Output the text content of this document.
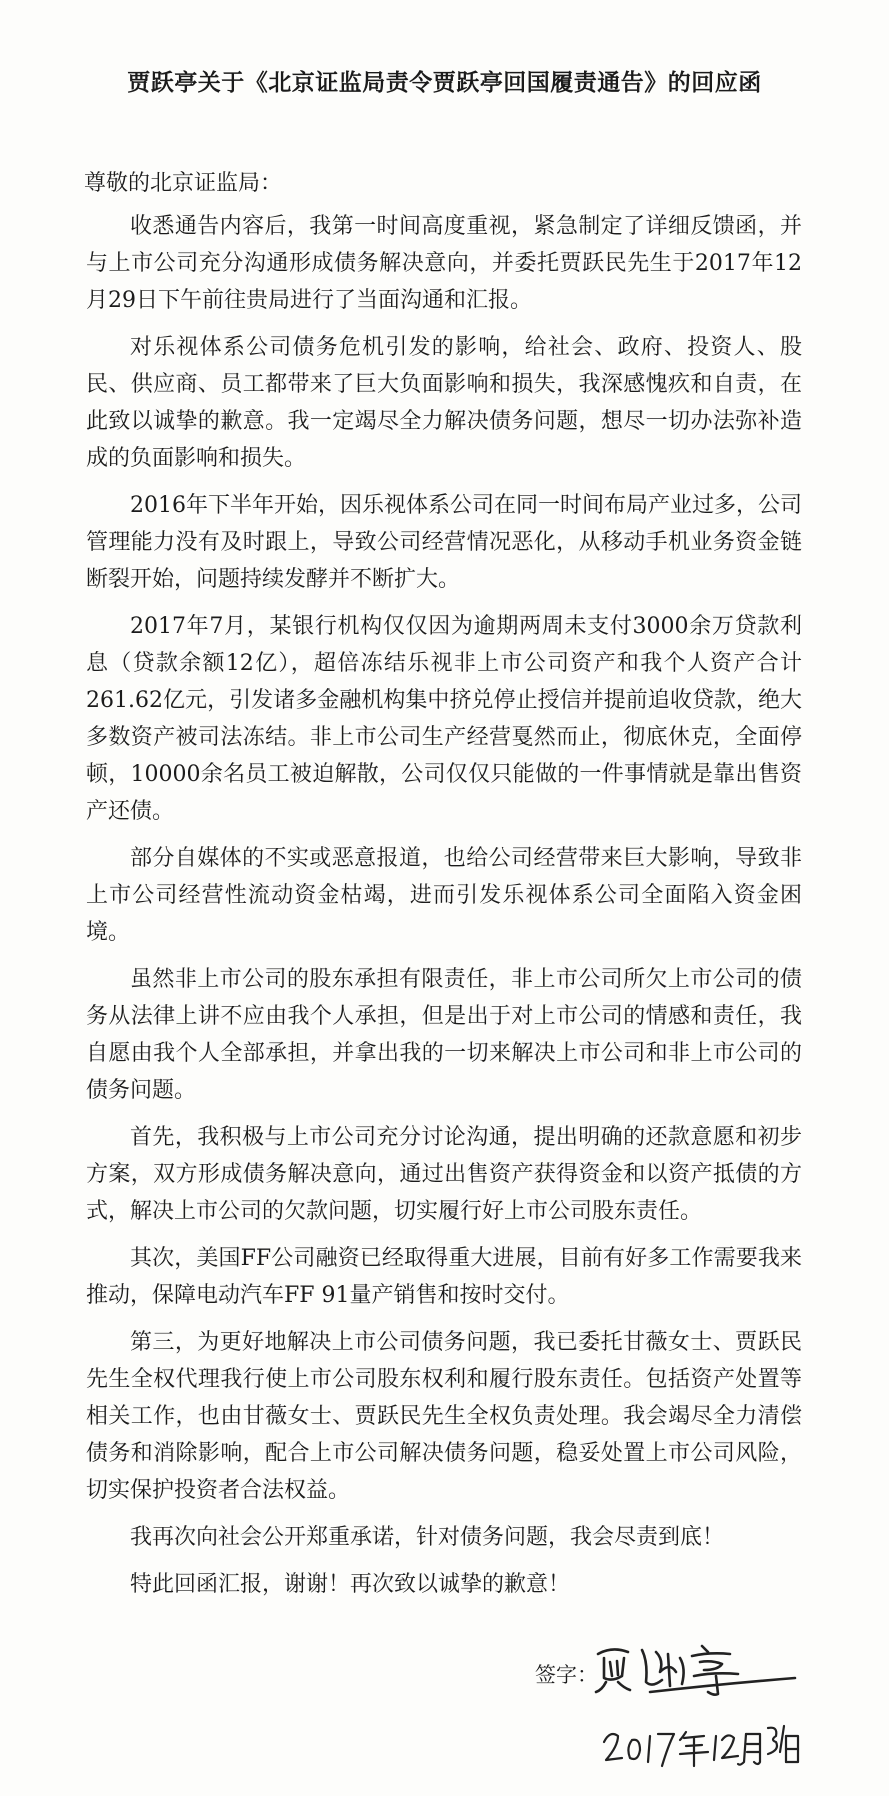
贾跃亭关于《北京证监局责令贾跃亭回国履责通告》的回应函
尊敬的北京证监局：

收悉通告内容后，我第一时间高度重视，紧急制定了详细反馈函，并与上市公司充分沟通形成债务解决意向，并委托贾跃民先生于2017年12月29日下午前往贵局进行了当面沟通和汇报。

对乐视体系公司债务危机引发的影响，给社会、政府、投资人、股民、供应商、员工都带来了巨大负面影响和损失，我深感愧疚和自责，在此致以诚挚的歉意。我一定竭尽全力解决债务问题，想尽一切办法弥补造成的负面影响和损失。

2016年下半年开始，因乐视体系公司在同一时间布局产业过多，公司管理能力没有及时跟上，导致公司经营情况恶化，从移动手机业务资金链断裂开始，问题持续发酵并不断扩大。

2017年7月，某银行机构仅仅因为逾期两周未支付3000余万贷款利息（贷款余额12亿），超倍冻结乐视非上市公司资产和我个人资产合计261.62亿元，引发诸多金融机构集中挤兑停止授信并提前追收贷款，绝大多数资产被司法冻结。非上市公司生产经营戛然而止，彻底休克，全面停顿，10000余名员工被迫解散，公司仅仅只能做的一件事情就是靠出售资产还债。

部分自媒体的不实或恶意报道，也给公司经营带来巨大影响，导致非上市公司经营性流动资金枯竭，进而引发乐视体系公司全面陷入资金困境。

虽然非上市公司的股东承担有限责任，非上市公司所欠上市公司的债务从法律上讲不应由我个人承担，但是出于对上市公司的情感和责任，我自愿由我个人全部承担，并拿出我的一切来解决上市公司和非上市公司的债务问题。

首先，我积极与上市公司充分讨论沟通，提出明确的还款意愿和初步方案，双方形成债务解决意向，通过出售资产获得资金和以资产抵债的方式，解决上市公司的欠款问题，切实履行好上市公司股东责任。

其次，美国FF公司融资已经取得重大进展，目前有好多工作需要我来推动，保障电动汽车FF 91量产销售和按时交付。

第三，为更好地解决上市公司债务问题，我已委托甘薇女士、贾跃民先生全权代理我行使上市公司股东权利和履行股东责任。包括资产处置等相关工作，也由甘薇女士、贾跃民先生全权负责处理。我会竭尽全力清偿债务和消除影响，配合上市公司解决债务问题，稳妥处置上市公司风险，切实保护投资者合法权益。

我再次向社会公开郑重承诺，针对债务问题，我会尽责到底！

特此回函汇报，谢谢！再次致以诚挚的歉意！

签字：
